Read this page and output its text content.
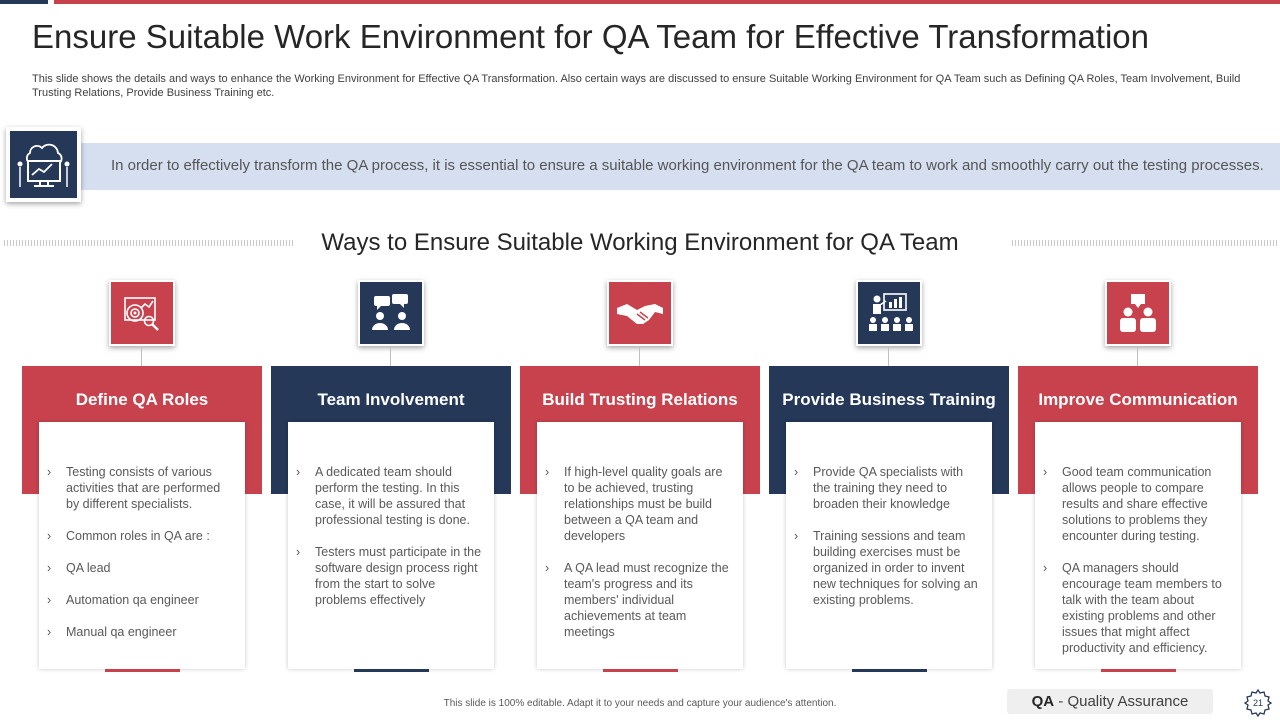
Ensure Suitable Work Environment for QA Team for Effective Transformation
This slide shows the details and ways to enhance the Working Environment for Effective QA Transformation. Also certain ways are discussed to ensure Suitable Working Environment for QA Team such as Defining QA Roles, Team Involvement, Build Trusting Relations, Provide Business Training etc.
In order to effectively transform the QA process, it is essential to ensure a suitable working environment for the QA team to work and smoothly carry out the testing processes.
Ways to Ensure Suitable Working Environment for QA Team
Define QA Roles
› Testing consists of various activities that are performed by different specialists.
› Common roles in QA are :
› QA lead
› Automation qa engineer
› Manual qa engineer
Team Involvement
› A dedicated team should perform the testing. In this case, it will be assured that professional testing is done.
› Testers must participate in the software design process right from the start to solve problems effectively
Build Trusting Relations
› If high-level quality goals are to be achieved, trusting relationships must be build between a QA team and developers
› A QA lead must recognize the team's progress and its members' individual achievements at team meetings
Provide Business Training
› Provide QA specialists with the training they need to broaden their knowledge
› Training sessions and team building exercises must be organized in order to invent new techniques for solving an existing problems.
Improve Communication
› Good team communication allows people to compare results and share effective solutions to problems they encounter during testing.
› QA managers should encourage team members to talk with the team about existing problems and other issues that might affect productivity and efficiency.
This slide is 100% editable. Adapt it to your needs and capture your audience's attention.	QA - Quality Assurance	21
